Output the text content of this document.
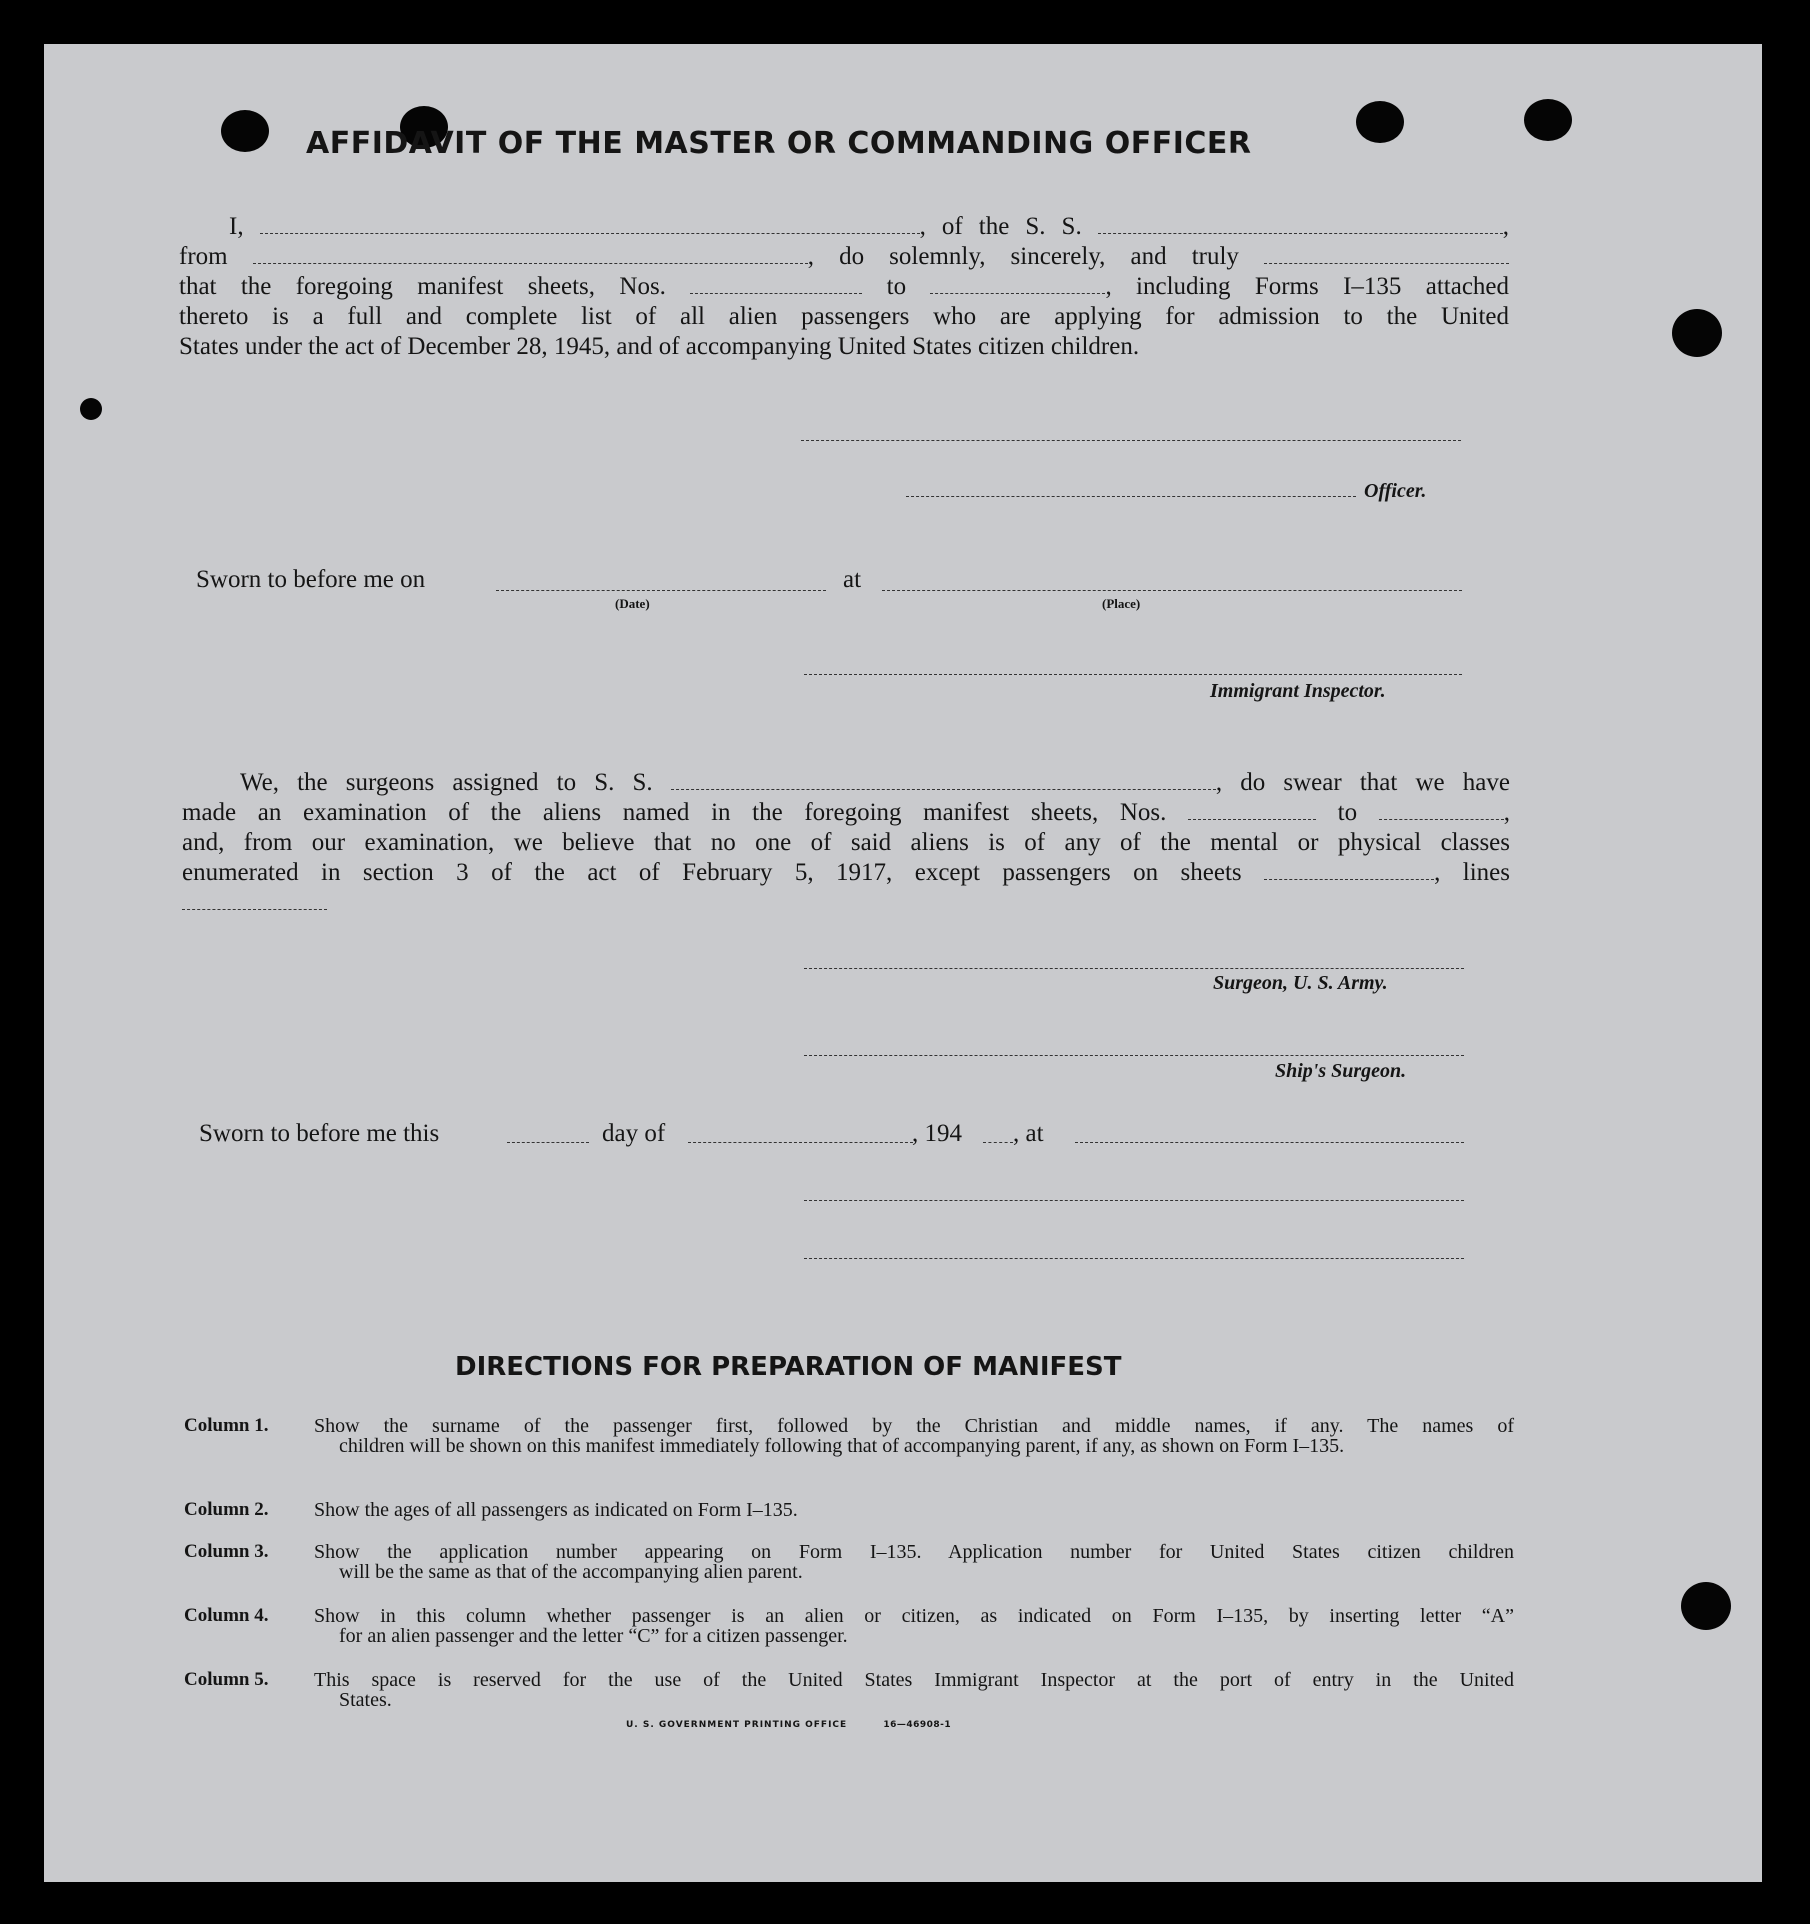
AFFIDAVIT OF THE MASTER OR COMMANDING OFFICER
I,	, of the S. S.	,
from	, do solemnly, sincerely, and truly
that the foregoing manifest sheets, Nos.	to	, including Forms I–135 attached
thereto is a full and complete list of all alien passengers who are applying for admission to the United
States under the act of December 28, 1945, and of accompanying United States citizen children.
Officer.
Sworn to before me on
(Date)
at
(Place)
Immigrant Inspector.
We, the surgeons assigned to S. S.	, do swear that we have
made an examination of the aliens named in the foregoing manifest sheets, Nos.	to	,
and, from our examination, we believe that no one of said aliens is of any of the mental or physical classes
enumerated in section 3 of the act of February 5, 1917, except passengers on sheets	, lines
Surgeon, U. S. Army.
Ship's Surgeon.
Sworn to before me this	day of	, 194 , at
DIRECTIONS FOR PREPARATION OF MANIFEST
Column 1.	Show the surname of the passenger first, followed by the Christian and middle names, if any. The names of
children will be shown on this manifest immediately following that of accompanying parent, if any, as shown on Form I–135.
Column 2.	Show the ages of all passengers as indicated on Form I–135.
Column 3.	Show the application number appearing on Form I–135. Application number for United States citizen children
will be the same as that of the accompanying alien parent.
Column 4.	Show in this column whether passenger is an alien or citizen, as indicated on Form I–135, by inserting letter “A”
for an alien passenger and the letter “C” for a citizen passenger.
Column 5.	This space is reserved for the use of the United States Immigrant Inspector at the port of entry in the United
States.
U. S. GOVERNMENT PRINTING OFFICE	16—46908-1
